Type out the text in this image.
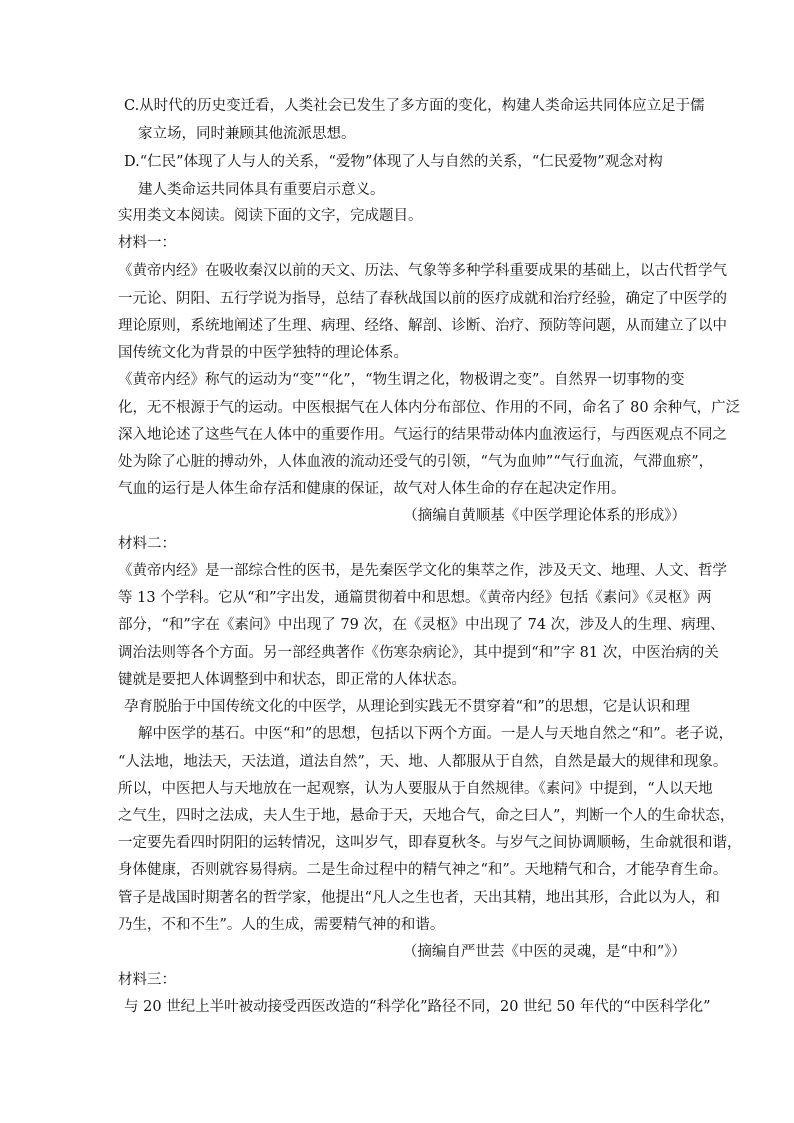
C.从时代的历史变迁看，人类社会已发生了多方面的变化，构建人类命运共同体应立足于儒
家立场，同时兼顾其他流派思想。
D.“仁民”体现了人与人的关系，“爱物”体现了人与自然的关系，“仁民爱物”观念对构
建人类命运共同体具有重要启示意义。
实用类文本阅读。阅读下面的文字，完成题目。
材料一：
《黄帝内经》在吸收秦汉以前的天文、历法、气象等多种学科重要成果的基础上，以古代哲学气
一元论、阴阳、五行学说为指导，总结了春秋战国以前的医疗成就和治疗经验，确定了中医学的
理论原则，系统地阐述了生理、病理、经络、解剖、诊断、治疗、预防等问题，从而建立了以中
国传统文化为背景的中医学独特的理论体系。
《黄帝内经》称气的运动为“变”“化”，“物生谓之化，物极谓之变”。自然界一切事物的变
化，无不根源于气的运动。中医根据气在人体内分布部位、作用的不同，命名了 80 余种气，广泛
深入地论述了这些气在人体中的重要作用。气运行的结果带动体内血液运行，与西医观点不同之
处为除了心脏的搏动外，人体血液的流动还受气的引领，“气为血帅”“气行血流，气滞血瘀”，
气血的运行是人体生命存活和健康的保证，故气对人体生命的存在起决定作用。
（摘编自黄顺基《中医学理论体系的形成》）
材料二：
《黄帝内经》是一部综合性的医书，是先秦医学文化的集萃之作，涉及天文、地理、人文、哲学
等 13 个学科。它从“和”字出发，通篇贯彻着中和思想。《黄帝内经》包括《素问》《灵枢》两
部分，“和”字在《素问》中出现了 79 次，在《灵枢》中出现了 74 次，涉及人的生理、病理、
调治法则等各个方面。另一部经典著作《伤寒杂病论》，其中提到“和”字 81 次，中医治病的关
键就是要把人体调整到中和状态，即正常的人体状态。
孕育脱胎于中国传统文化的中医学，从理论到实践无不贯穿着“和”的思想，它是认识和理
解中医学的基石。中医“和”的思想，包括以下两个方面。一是人与天地自然之“和”。老子说，
“人法地，地法天，天法道，道法自然”，天、地、人都服从于自然，自然是最大的规律和现象。
所以，中医把人与天地放在一起观察，认为人要服从于自然规律。《素问》中提到，“人以天地
之气生，四时之法成，夫人生于地，悬命于天，天地合气，命之曰人”，判断一个人的生命状态，
一定要先看四时阴阳的运转情况，这叫岁气，即春夏秋冬。与岁气之间协调顺畅，生命就很和谐，
身体健康，否则就容易得病。二是生命过程中的精气神之“和”。天地精气和合，才能孕育生命。
管子是战国时期著名的哲学家，他提出“凡人之生也者，天出其精，地出其形，合此以为人，和
乃生，不和不生”。人的生成，需要精气神的和谐。
（摘编自严世芸《中医的灵魂，是“中和”》）
材料三：
与 20 世纪上半叶被动接受西医改造的“科学化”路径不同，20 世纪 50 年代的“中医科学化”
